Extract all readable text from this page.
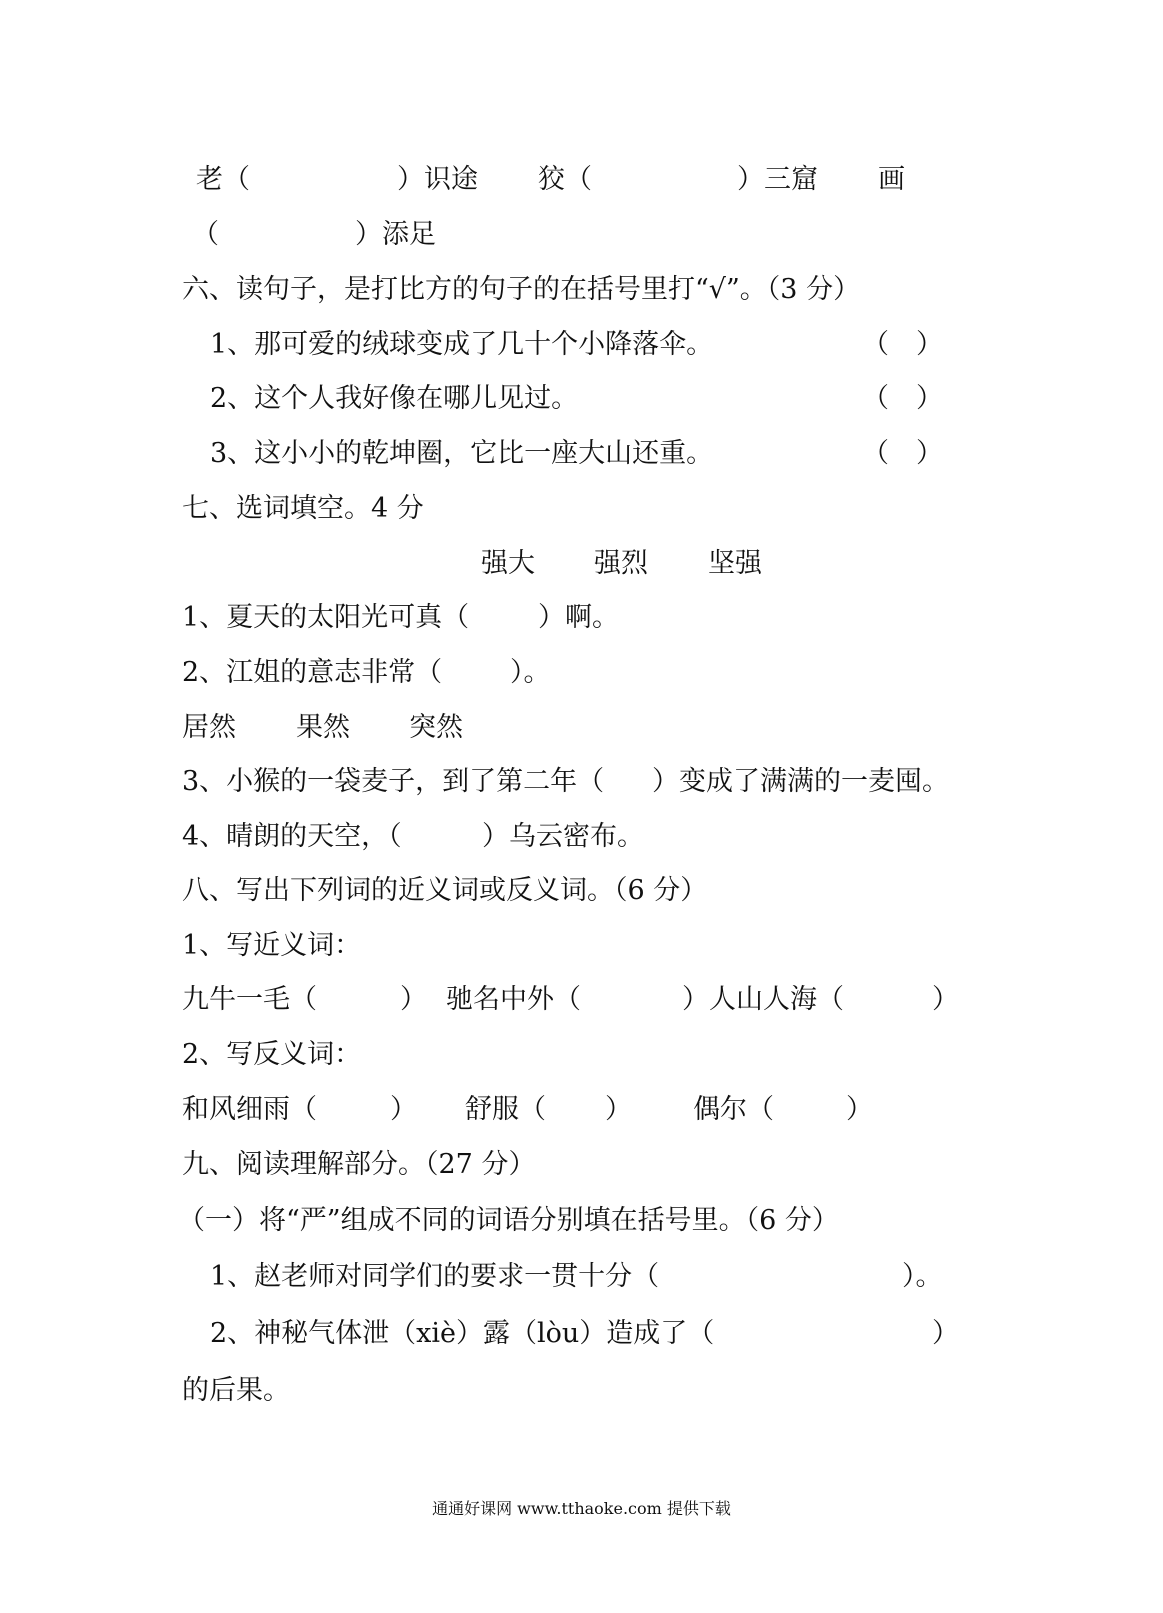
老（	）识途 狡（	）三窟 画
（	）添足
六、读句子，是打比方的句子的在括号里打“√”。（3 分）
1、那可爱的绒球变成了几十个小降落伞。	（　）
2、这个人我好像在哪儿见过。	（　）
3、这小小的乾坤圈，它比一座大山还重。	（　）
七、选词填空。4 分
强大 强烈 坚强
1、夏天的太阳光可真（	）啊。
2、江姐的意志非常（	）。
居然 果然 突然
3、小猴的一袋麦子，到了第二年（ ）变成了满满的一麦囤。
4、晴朗的天空，（	）乌云密布。
八、写出下列词的近义词或反义词。（6 分）
1、写近义词：
九牛一毛（	） 驰名中外（	）人山人海（	）
2、写反义词：
和风细雨（	） 舒服（ ） 偶尔（	）
九、阅读理解部分。（27 分）
（一）将“严”组成不同的词语分别填在括号里。（6 分）
1、赵老师对同学们的要求一贯十分（	）。
2、神秘气体泄（xiè）露（lòu）造成了（	）
的后果。
通通好课网 www.tthaoke.com 提供下载
